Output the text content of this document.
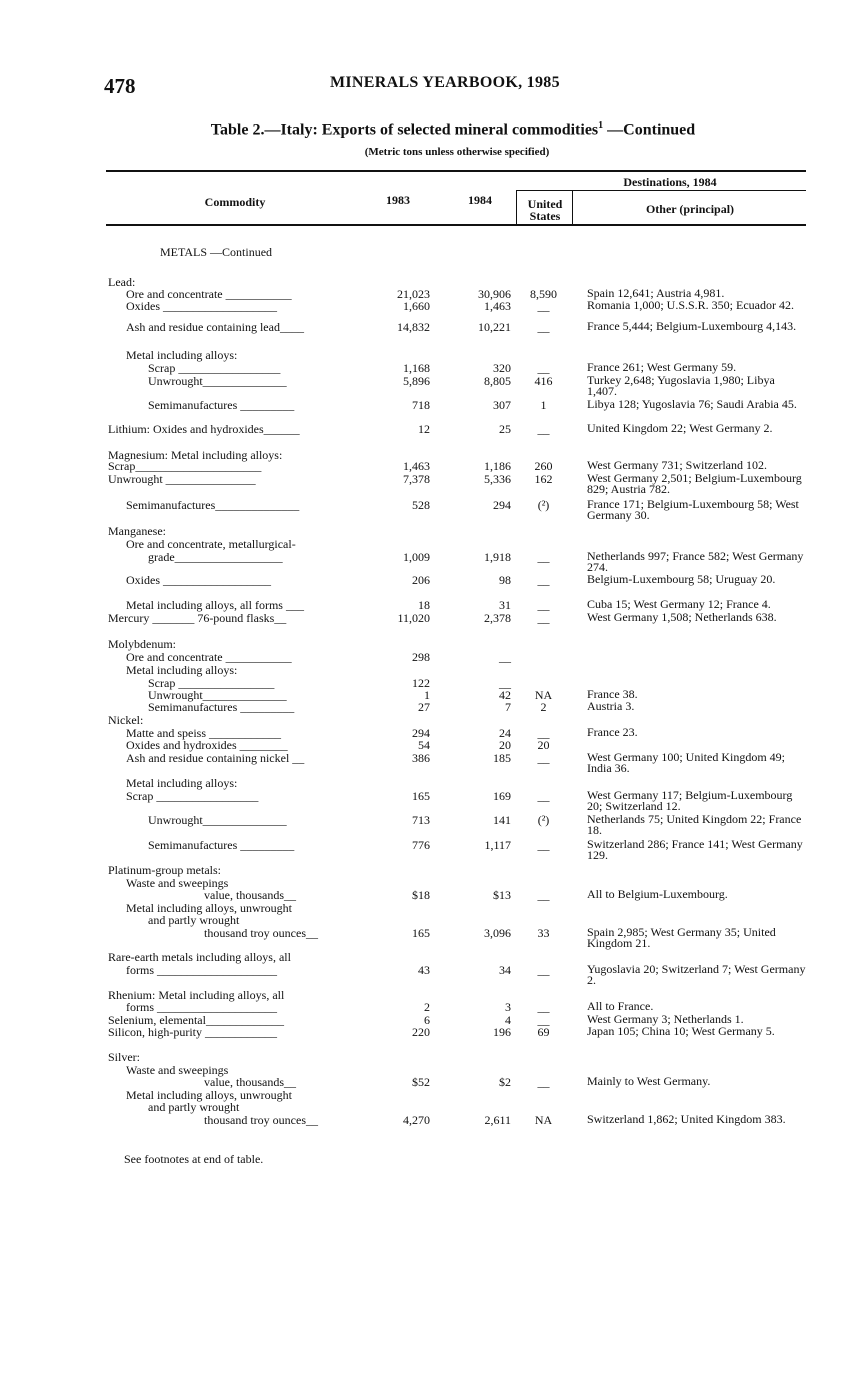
478	MINERALS YEARBOOK, 1985
Table 2.—Italy: Exports of selected mineral commodities$^1$ —Continued
(Metric tons unless otherwise specified)
Commodity	1983	1984
Destinations, 1984
United States	Other (principal)
METALS —Continued
Lead:
Ore and concentrate ___________	21,023	30,906	8,590	Spain 12,641; Austria 4,981.
Oxides ___________________	1,660	1,463	__	Romania 1,000; U.S.S.R. 350; Ecuador 42.
Ash and residue containing lead____	14,832	10,221	__	France 5,444; Belgium-Luxembourg 4,143.
Metal including alloys:
Scrap _________________	1,168	320	__	France 261; West Germany 59.
Unwrought______________	5,896	8,805	416	Turkey 2,648; Yugoslavia 1,980; Libya 1,407.
Semimanufactures _________	718	307	1	Libya 128; Yugoslavia 76; Saudi Arabia 45.
Lithium: Oxides and hydroxides______	12	25	__	United Kingdom 22; West Germany 2.
Magnesium: Metal including alloys:
Scrap_____________________	1,463	1,186	260	West Germany 731; Switzerland 102.
Unwrought _______________	7,378	5,336	162	West Germany 2,501; Belgium-Luxembourg 829; Austria 782.
Semimanufactures______________	528	294	(²)	France 171; Belgium-Luxembourg 58; West Germany 30.
Manganese:
Ore and concentrate, metallurgical-
grade__________________	1,009	1,918	__	Netherlands 997; France 582; West Germany 274.
Oxides __________________	206	98	__	Belgium-Luxembourg 58; Uruguay 20.
Metal including alloys, all forms ___	18	31	__	Cuba 15; West Germany 12; France 4.
Mercury _______ 76-pound flasks__	11,020	2,378	__	West Germany 1,508; Netherlands 638.
Molybdenum:
Ore and concentrate ___________	298	__
Metal including alloys:
Scrap ________________	122	__
Unwrought______________	1	42	NA	France 38.
Semimanufactures _________	27	7	2	Austria 3.
Nickel:
Matte and speiss ____________	294	24	__	France 23.
Oxides and hydroxides ________	54	20	20
Ash and residue containing nickel __	386	185	__	West Germany 100; United Kingdom 49; India 36.
Metal including alloys:
Scrap _________________	165	169	__	West Germany 117; Belgium-Luxembourg 20; Switzerland 12.
Unwrought______________	713	141	(²)	Netherlands 75; United Kingdom 22; France 18.
Semimanufactures _________	776	1,117	__	Switzerland 286; France 141; West Germany 129.
Platinum-group metals:
Waste and sweepings
value, thousands__	$18	$13	__	All to Belgium-Luxembourg.
Metal including alloys, unwrought
and partly wrought
thousand troy ounces__	165	3,096	33	Spain 2,985; West Germany 35; United Kingdom 21.
Rare-earth metals including alloys, all
forms ____________________	43	34	__	Yugoslavia 20; Switzerland 7; West Germany 2.
Rhenium: Metal including alloys, all
forms ____________________	2	3	__	All to France.
Selenium, elemental_____________	6	4	__	West Germany 3; Netherlands 1.
Silicon, high-purity ____________	220	196	69	Japan 105; China 10; West Germany 5.
Silver:
Waste and sweepings
value, thousands__	$52	$2	__	Mainly to West Germany.
Metal including alloys, unwrought
and partly wrought
thousand troy ounces__	4,270	2,611	NA	Switzerland 1,862; United Kingdom 383.
See footnotes at end of table.
